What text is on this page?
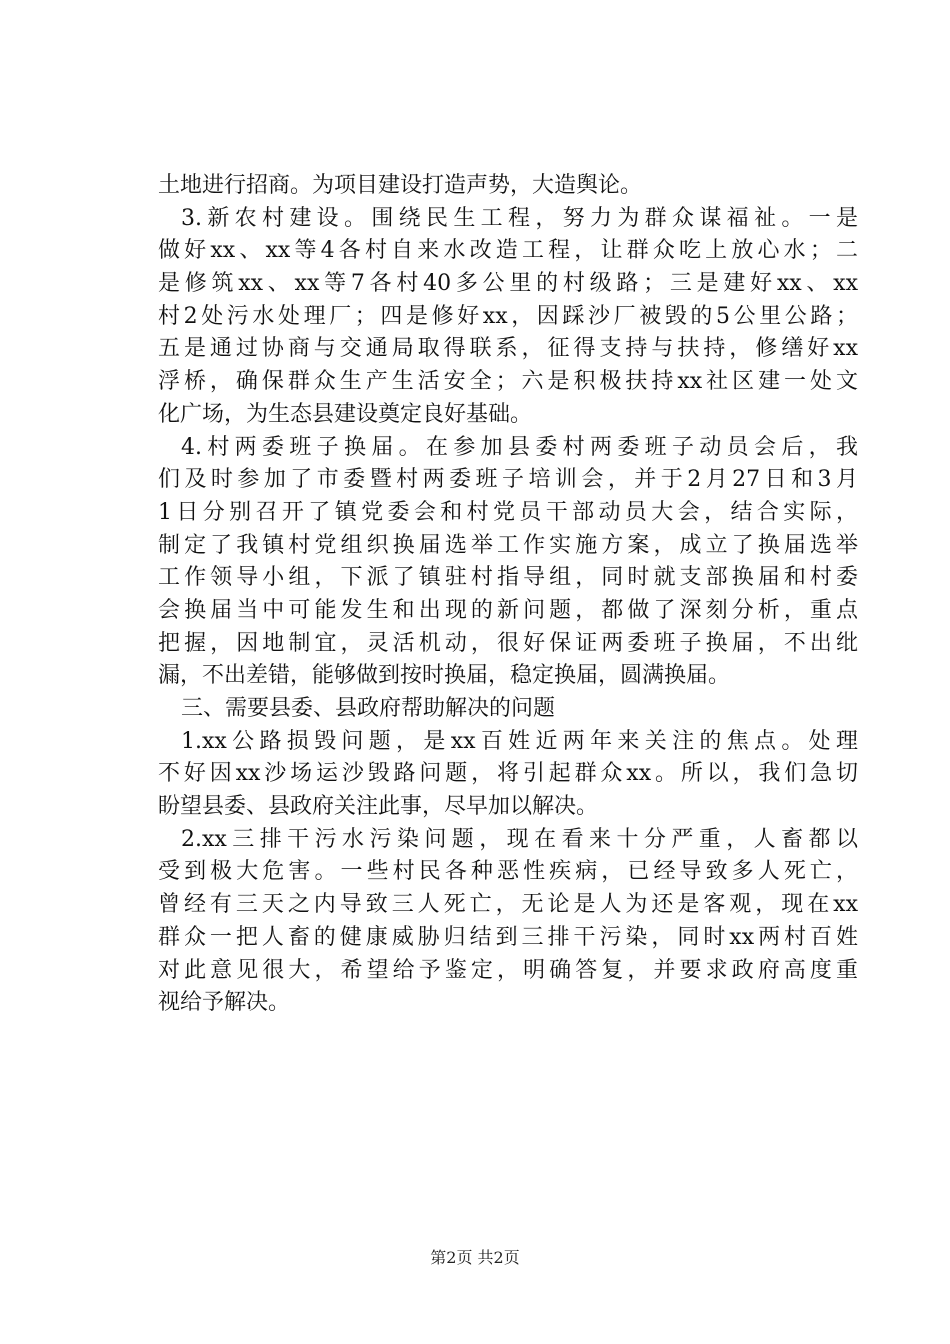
土地进行招商。为项目建设打造声势，大造舆论。
3.新农村建设。围绕民生工程，努力为群众谋福祉。一是
做好xx、xx等4各村自来水改造工程，让群众吃上放心水；二
是修筑xx、xx等7各村40多公里的村级路；三是建好xx、xx
村2处污水处理厂；四是修好xx，因踩沙厂被毁的5公里公路；
五是通过协商与交通局取得联系，征得支持与扶持，修缮好xx
浮桥，确保群众生产生活安全；六是积极扶持xx社区建一处文
化广场，为生态县建设奠定良好基础。
4.村两委班子换届。在参加县委村两委班子动员会后，我
们及时参加了市委暨村两委班子培训会，并于2月27日和3月
1日分别召开了镇党委会和村党员干部动员大会，结合实际，
制定了我镇村党组织换届选举工作实施方案，成立了换届选举
工作领导小组，下派了镇驻村指导组，同时就支部换届和村委
会换届当中可能发生和出现的新问题，都做了深刻分析，重点
把握，因地制宜，灵活机动，很好保证两委班子换届，不出纰
漏，不出差错，能够做到按时换届，稳定换届，圆满换届。
三、需要县委、县政府帮助解决的问题
1.xx公路损毁问题，是xx百姓近两年来关注的焦点。处理
不好因xx沙场运沙毁路问题，将引起群众xx。所以，我们急切
盼望县委、县政府关注此事，尽早加以解决。
2.xx三排干污水污染问题，现在看来十分严重，人畜都以
受到极大危害。一些村民各种恶性疾病，已经导致多人死亡，
曾经有三天之内导致三人死亡，无论是人为还是客观，现在xx
群众一把人畜的健康威胁归结到三排干污染，同时xx两村百姓
对此意见很大，希望给予鉴定，明确答复，并要求政府高度重
视给予解决。
第2页 共2页
